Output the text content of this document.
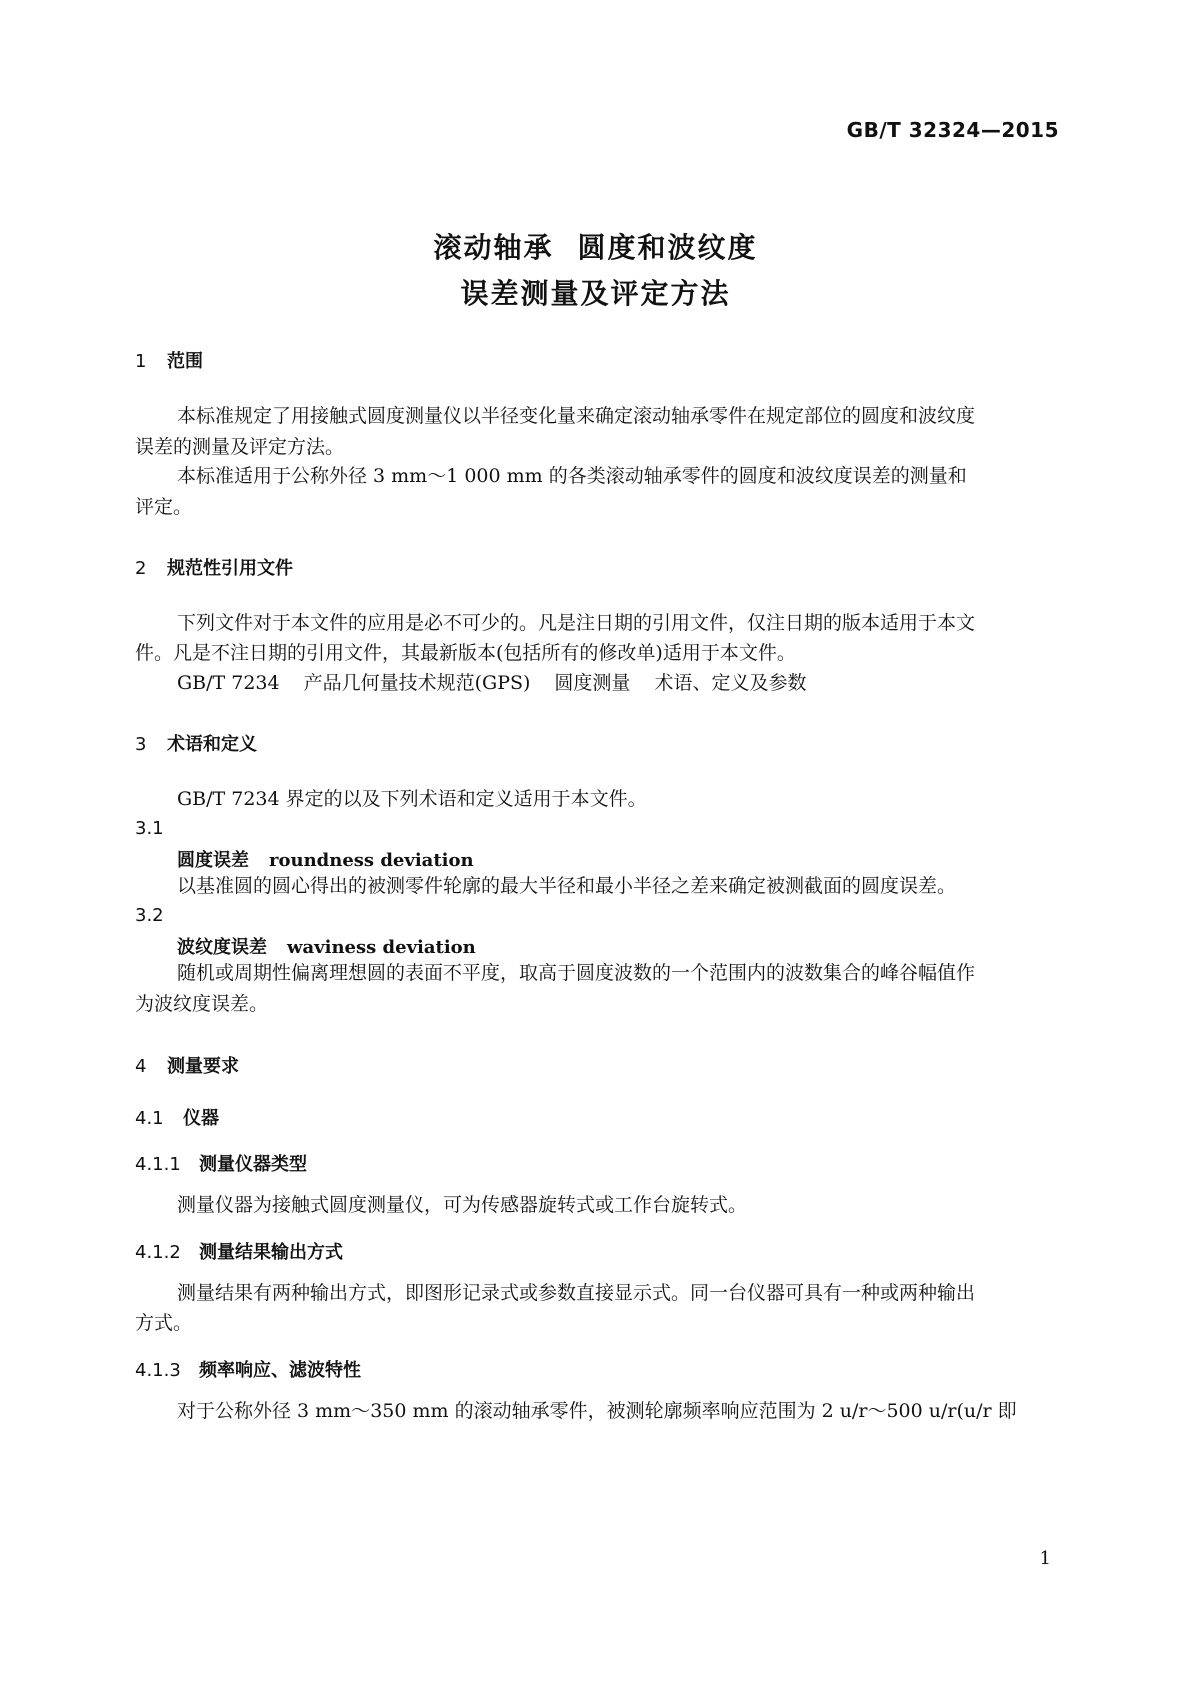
GB/T 32324—2015
滚动轴承 圆度和波纹度
误差测量及评定方法
1 范围
本标准规定了用接触式圆度测量仪以半径变化量来确定滚动轴承零件在规定部位的圆度和波纹度
误差的测量及评定方法。
本标准适用于公称外径 3 mm～1 000 mm 的各类滚动轴承零件的圆度和波纹度误差的测量和
评定。
2 规范性引用文件
下列文件对于本文件的应用是必不可少的。凡是注日期的引用文件，仅注日期的版本适用于本文
件。凡是不注日期的引用文件，其最新版本(包括所有的修改单)适用于本文件。
GB/T 7234 产品几何量技术规范(GPS) 圆度测量 术语、定义及参数
3 术语和定义
GB/T 7234 界定的以及下列术语和定义适用于本文件。
3.1
圆度误差 roundness deviation
以基准圆的圆心得出的被测零件轮廓的最大半径和最小半径之差来确定被测截面的圆度误差。
3.2
波纹度误差 waviness deviation
随机或周期性偏离理想圆的表面不平度，取高于圆度波数的一个范围内的波数集合的峰谷幅值作
为波纹度误差。
4 测量要求
4.1 仪器
4.1.1 测量仪器类型
测量仪器为接触式圆度测量仪，可为传感器旋转式或工作台旋转式。
4.1.2 测量结果输出方式
测量结果有两种输出方式，即图形记录式或参数直接显示式。同一台仪器可具有一种或两种输出
方式。
4.1.3 频率响应、滤波特性
对于公称外径 3 mm～350 mm 的滚动轴承零件，被测轮廓频率响应范围为 2 u/r～500 u/r(u/r 即
1
